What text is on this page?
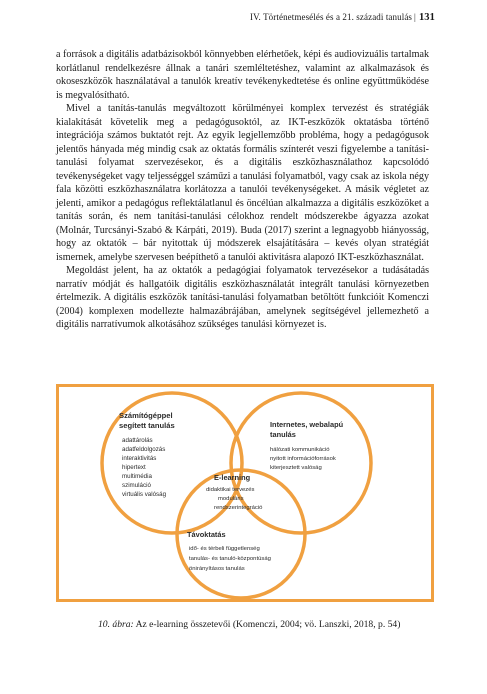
IV. Történetmesélés és a 21. századi tanulás | 131

a források a digitális adatbázisokból könnyebben elérhetőek, képi és audiovizuális tartalmak korlátlanul rendelkezésre állnak a tanári szemléltetéshez, valamint az alkalmazások és okoseszközök használatával a tanulók kreatív tevékenykedtetése és online együttműködése is megvalósítható.

Mivel a tanítás-tanulás megváltozott körülményei komplex tervezést és stratégiák kialakítását követelik meg a pedagógusoktól, az IKT-eszközök oktatásba történő integrációja számos buktatót rejt. Az egyik legjellemzőbb probléma, hogy a pedagógusok jelentős hányada még mindig csak az oktatás formális színterét veszi figyelembe a tanítási-tanulási folyamat szervezésekor, és a digitális eszközhasználathoz kapcsolódó tevékenységeket vagy teljességgel száműzi a tanulási folyamatból, vagy csak az iskola négy fala közötti eszközhasználatra korlátozza a tanulói tevékenységeket. A másik végletet az jelenti, amikor a pedagógus reflektálatlanul és öncélúan alkalmazza a digitális eszközöket a tanítás során, és nem tanítási-tanulási célokhoz rendelt módszerekbe ágyazza azokat (Molnár, Turcsányi-Szabó & Kárpáti, 2019). Buda (2017) szerint a legnagyobb hiányosság, hogy az oktatók – bár nyitottak új módszerek elsajátítására – kevés olyan stratégiát ismernek, amelybe szervesen beépíthető a tanulói aktivitásra alapozó IKT-eszközhasználat.

Megoldást jelent, ha az oktatók a pedagógiai folyamatok tervezésekor a tudásátadás narratív módját és hallgatóik digitális eszközhasználatát integrált tanulási környezetben értelmezik. A digitális eszközök tanítási-tanulási folyamatban betöltött funkcióit Komenczi (2004) komplexen modellezte halmazábrájában, amelynek segítségével jellemezhető a digitális narratívumok alkotásához szükséges tanulási környezet is.

Számítógéppel
segített tanulás
adattárolás
adatfeldolgozás
interaktivitás
hipertext
multimédia
szimuláció
virtuális valóság
Internetes, webalapú
tanulás
hálózati kommunikáció
nyitott információforrások
kiterjesztett valóság
E-learning
didaktikai tervezés
moduláris
rendszerintegráció
Távoktatás
idő- és térbeli függetlenség
tanulás- és tanuló-központúság
önirányításos tanulás
10. ábra: Az e-learning összetevői (Komenczi, 2004; vö. Lanszki, 2018, p. 54)
